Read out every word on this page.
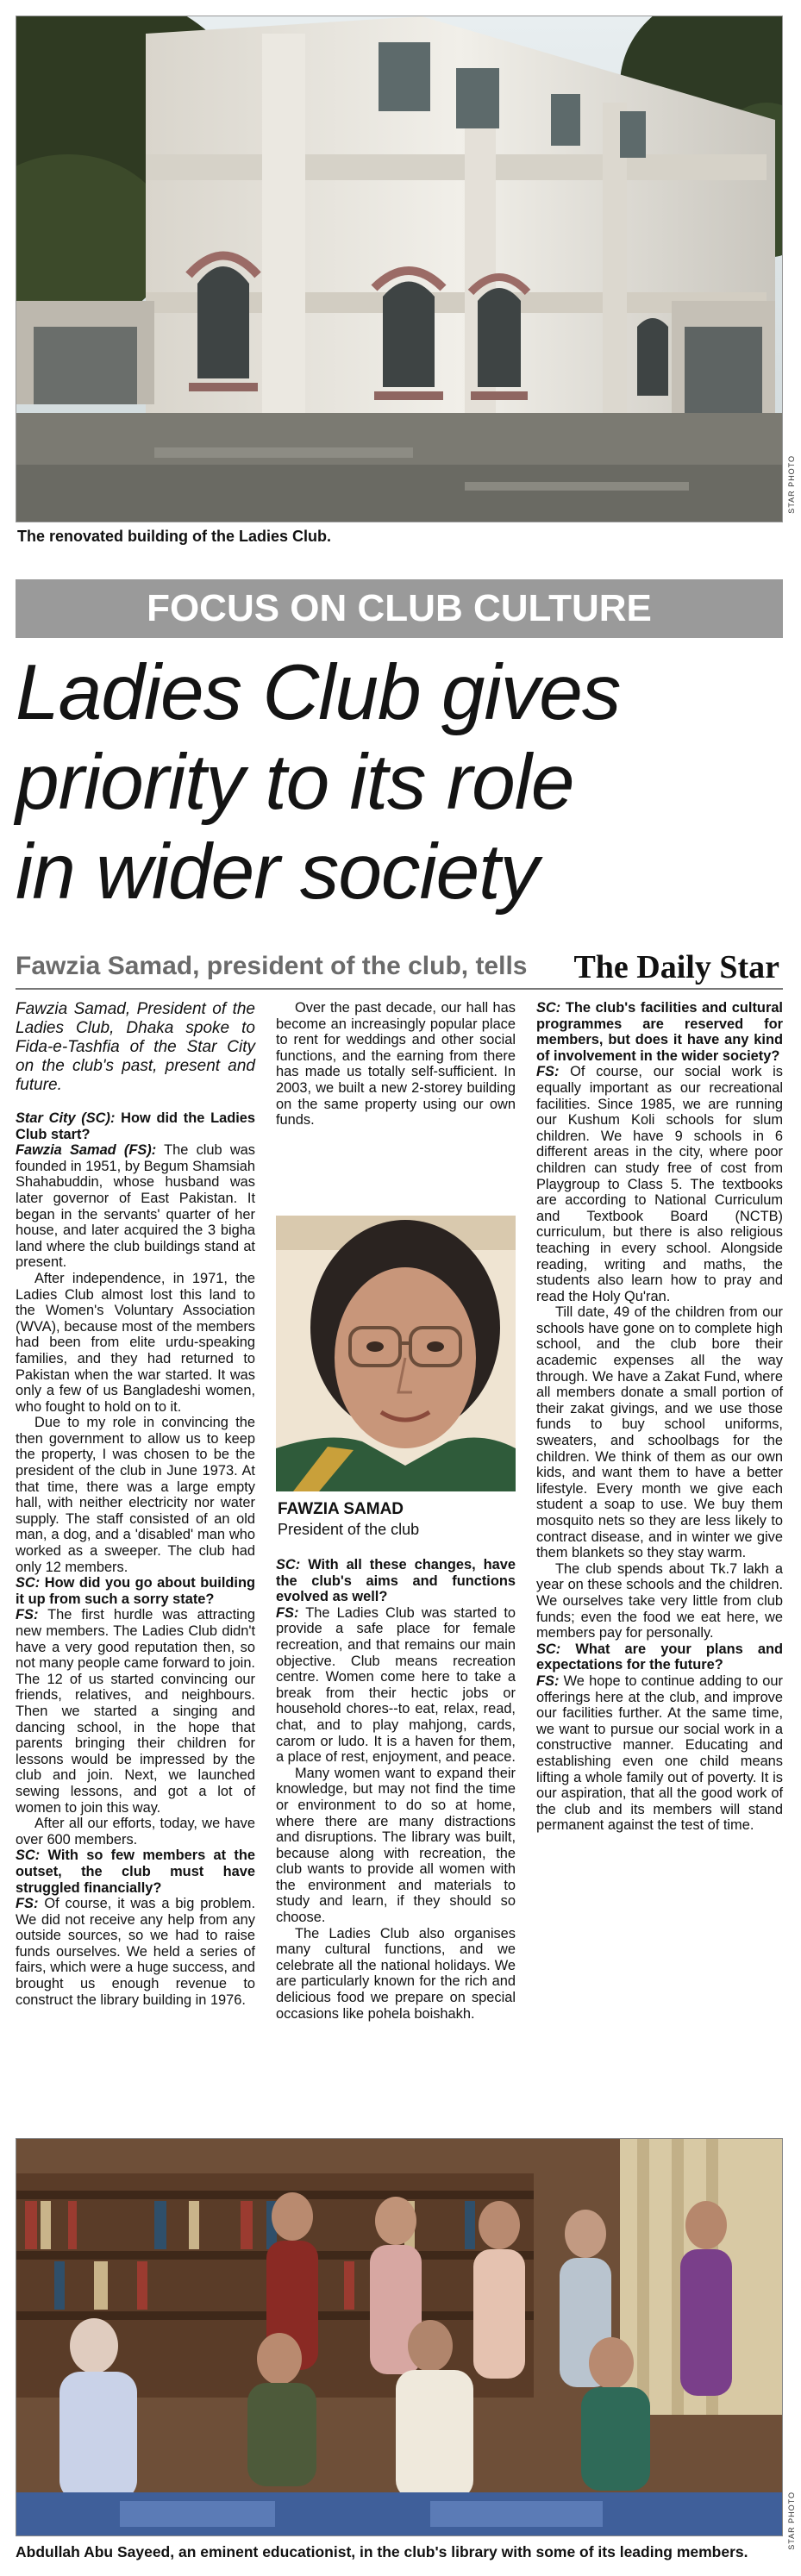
STAR PHOTO
The renovated building of the Ladies Club.
FOCUS ON CLUB CULTURE
Ladies Club gives
priority to its role
in wider society
Fawzia Samad, president of the club, tells The Daily Star

Fawzia Samad, President of the Ladies Club, Dhaka spoke to Fida-e-Tashfia of the Star City on the club's past, present and future.

Star City (SC): How did the Ladies Club start?

Fawzia Samad (FS): The club was founded in 1951, by Begum Shamsiah Shahabuddin, whose husband was later governor of East Pakistan. It began in the servants' quarter of her house, and later acquired the 3 bigha land where the club buildings stand at present.

After independence, in 1971, the Ladies Club almost lost this land to the Women's Voluntary Association (WVA), because most of the members had been from elite urdu-speaking families, and they had returned to Pakistan when the war started. It was only a few of us Bangladeshi women, who fought to hold on to it.

Due to my role in convincing the then government to allow us to keep the property, I was chosen to be the president of the club in June 1973. At that time, there was a large empty hall, with neither electricity nor water supply. The staff consisted of an old man, a dog, and a 'disabled' man who worked as a sweeper. The club had only 12 members.

SC: How did you go about building it up from such a sorry state?

FS: The first hurdle was attracting new members. The Ladies Club didn't have a very good reputation then, so not many people came forward to join. The 12 of us started convincing our friends, relatives, and neighbours. Then we started a singing and dancing school, in the hope that parents bringing their children for lessons would be impressed by the club and join. Next, we launched sewing lessons, and got a lot of women to join this way.

After all our efforts, today, we have over 600 members.

SC: With so few members at the outset, the club must have struggled financially?

FS: Of course, it was a big problem. We did not receive any help from any outside sources, so we had to raise funds ourselves. We held a series of fairs, which were a huge success, and brought us enough revenue to construct the library building in 1976.

Over the past decade, our hall has become an increasingly popular place to rent for weddings and other social functions, and the earning from there has made us totally self-sufficient. In 2003, we built a new 2-storey building on the same property using our own funds.

FAWZIA SAMAD
President of the club

SC: With all these changes, have the club's aims and functions evolved as well?

FS: The Ladies Club was started to provide a safe place for female recreation, and that remains our main objective. Club means recreation centre. Women come here to take a break from their hectic jobs or household chores--to eat, relax, read, chat, and to play mahjong, cards, carom or ludo. It is a haven for them, a place of rest, enjoyment, and peace.

Many women want to expand their knowledge, but may not find the time or environment to do so at home, where there are many distractions and disruptions. The library was built, because along with recreation, the club wants to provide all women with the environment and materials to study and learn, if they should so choose.

The Ladies Club also organises many cultural functions, and we celebrate all the national holidays. We are particularly known for the rich and delicious food we prepare on special occasions like pohela boishakh.

SC: The club's facilities and cultural programmes are reserved for members, but does it have any kind of involvement in the wider society?

FS: Of course, our social work is equally important as our recreational facilities. Since 1985, we are running our Kushum Koli schools for slum children. We have 9 schools in 6 different areas in the city, where poor children can study free of cost from Playgroup to Class 5. The textbooks are according to National Curriculum and Textbook Board (NCTB) curriculum, but there is also religious teaching in every school. Alongside reading, writing and maths, the students also learn how to pray and read the Holy Qu'ran.

Till date, 49 of the children from our schools have gone on to complete high school, and the club bore their academic expenses all the way through. We have a Zakat Fund, where all members donate a small portion of their zakat givings, and we use those funds to buy school uniforms, sweaters, and schoolbags for the children. We think of them as our own kids, and want them to have a better lifestyle. Every month we give each student a soap to use. We buy them mosquito nets so they are less likely to contract disease, and in winter we give them blankets so they stay warm.

The club spends about Tk.7 lakh a year on these schools and the children. We ourselves take very little from club funds; even the food we eat here, we members pay for personally.

SC: What are your plans and expectations for the future?

FS: We hope to continue adding to our offerings here at the club, and improve our facilities further. At the same time, we want to pursue our social work in a constructive manner. Educating and establishing even one child means lifting a whole family out of poverty. It is our aspiration, that all the good work of the club and its members will stand permanent against the test of time.

STAR PHOTO
Abdullah Abu Sayeed, an eminent educationist, in the club's library with some of its leading members.
